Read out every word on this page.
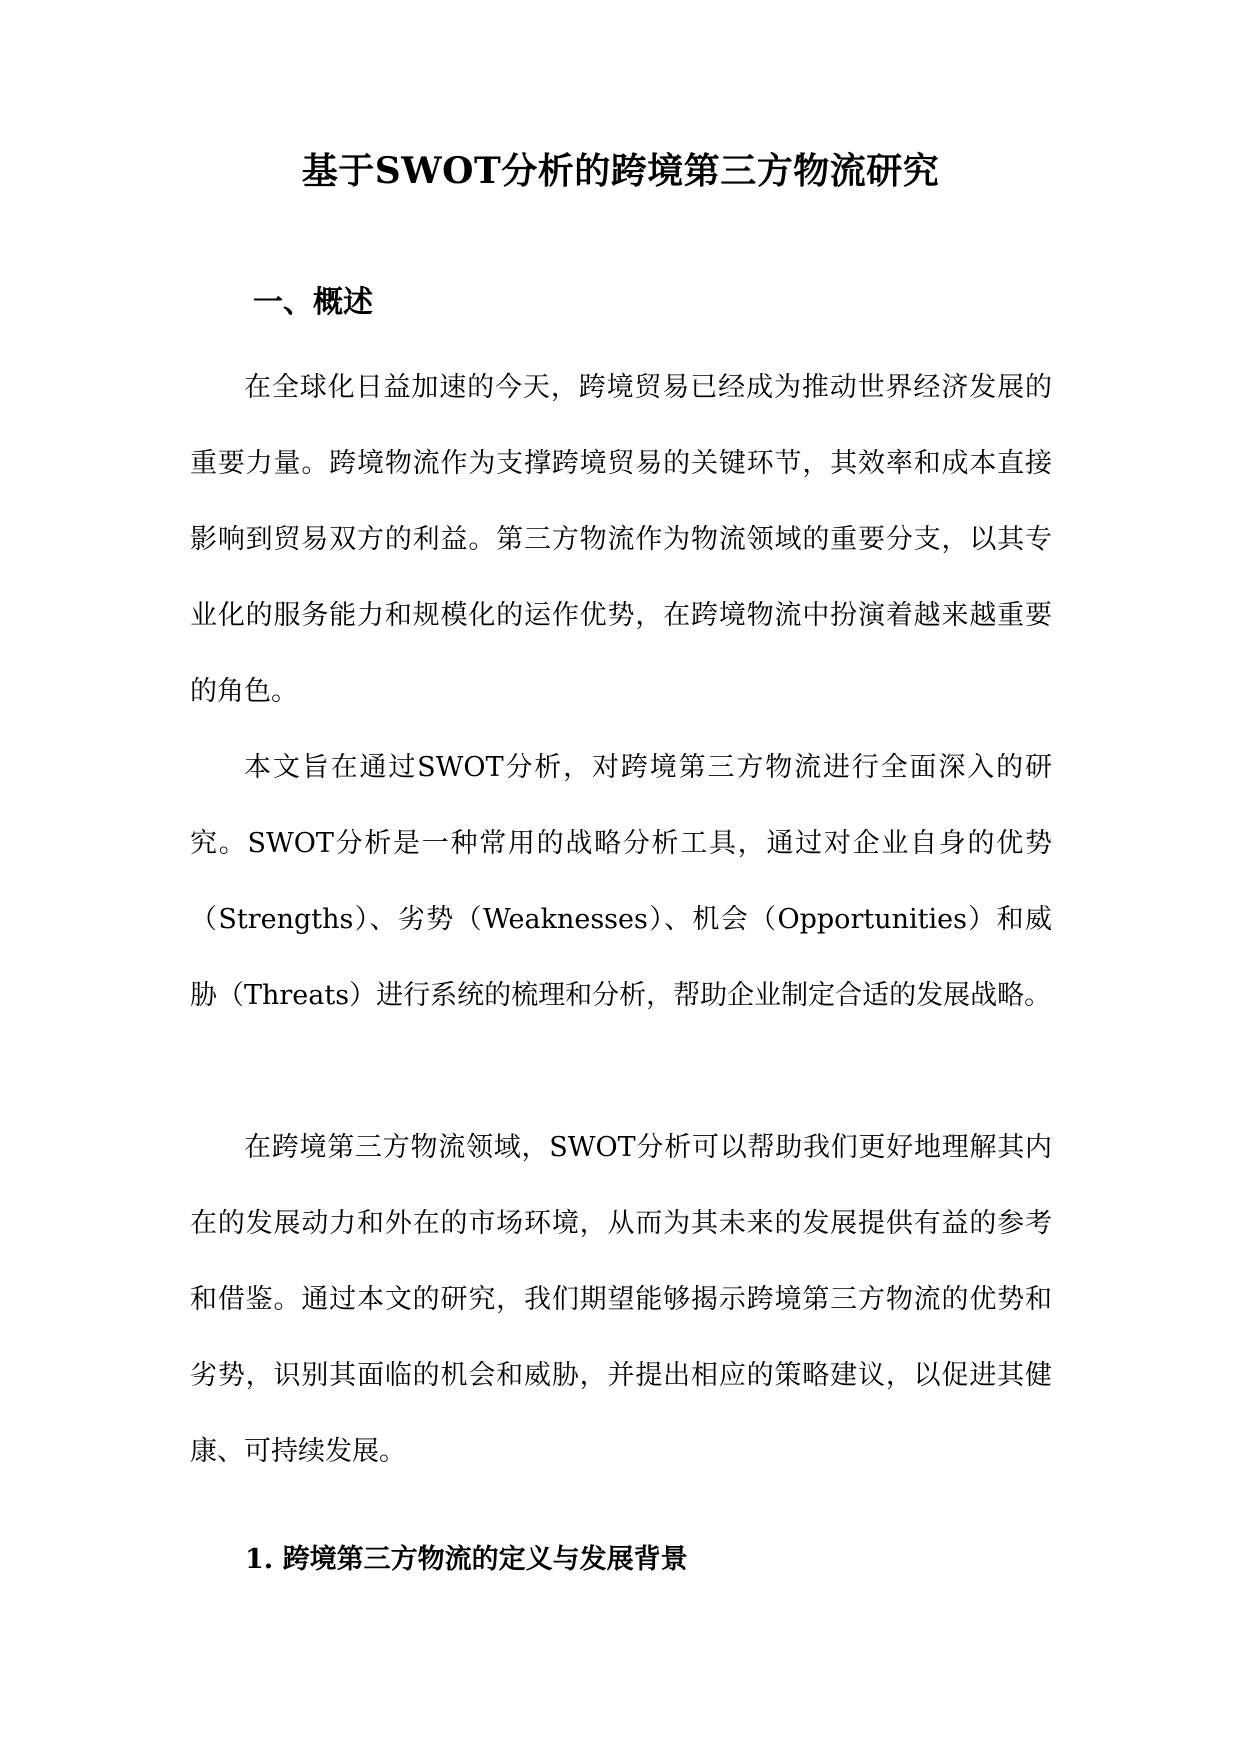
基于SWOT分析的跨境第三方物流研究
一、概述

在全球化日益加速的今天，跨境贸易已经成为推动世界经济发展的重要力量。跨境物流作为支撑跨境贸易的关键环节，其效率和成本直接影响到贸易双方的利益。第三方物流作为物流领域的重要分支，以其专业化的服务能力和规模化的运作优势，在跨境物流中扮演着越来越重要的角色。

本文旨在通过SWOT分析，对跨境第三方物流进行全面深入的研究。SWOT分析是一种常用的战略分析工具，通过对企业自身的优势（Strengths）、劣势（Weaknesses）、机会（Opportunities）和威胁（Threats）进行系统的梳理和分析，帮助企业制定合适的发展战略。

在跨境第三方物流领域，SWOT分析可以帮助我们更好地理解其内在的发展动力和外在的市场环境，从而为其未来的发展提供有益的参考和借鉴。通过本文的研究，我们期望能够揭示跨境第三方物流的优势和劣势，识别其面临的机会和威胁，并提出相应的策略建议，以促进其健康、可持续发展。

1. 跨境第三方物流的定义与发展背景
